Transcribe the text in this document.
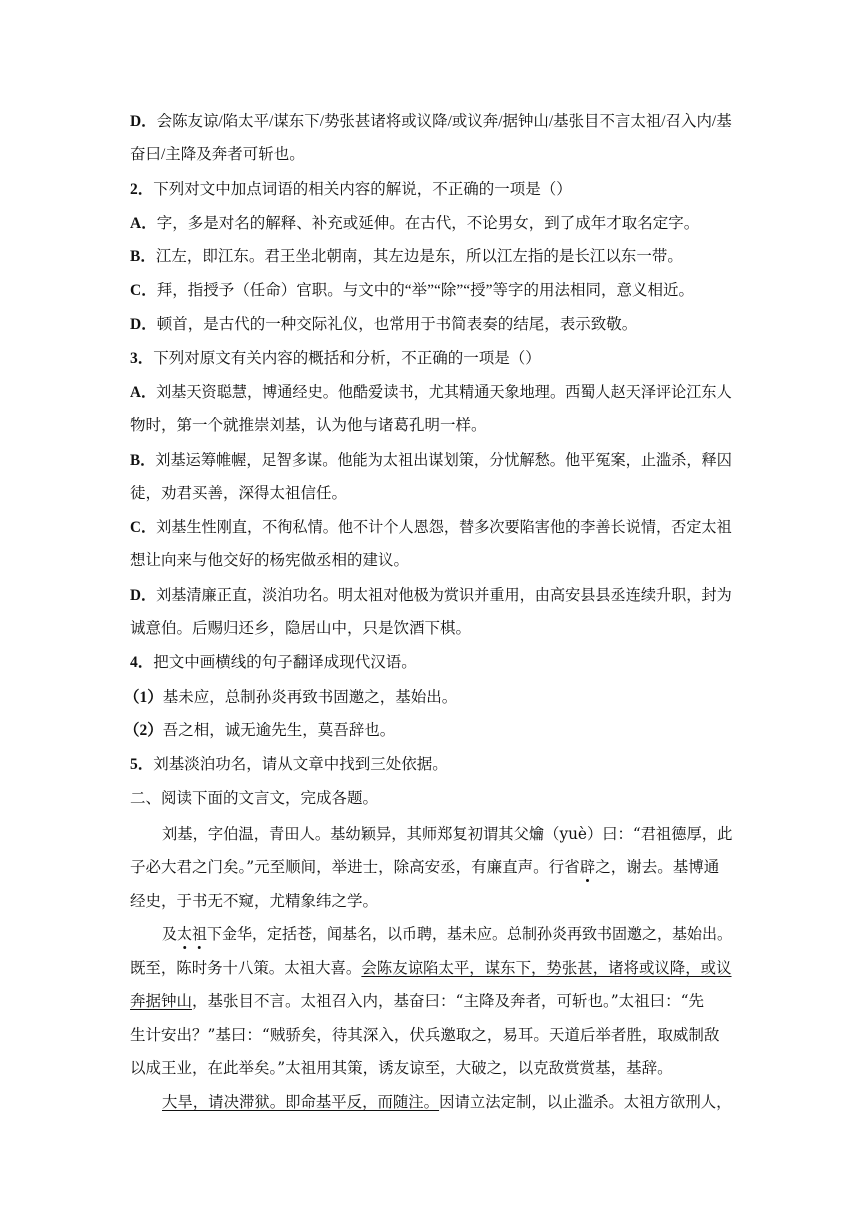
D．会陈友谅/陷太平/谋东下/势张甚诸将或议降/或议奔/据钟山/基张目不言太祖/召入内/基
奋曰/主降及奔者可斩也。
2．下列对文中加点词语的相关内容的解说，不正确的一项是（）
A．字，多是对名的解释、补充或延伸。在古代，不论男女，到了成年才取名定字。
B．江左，即江东。君王坐北朝南，其左边是东，所以江左指的是长江以东一带。
C．拜，指授予（任命）官职。与文中的“举”“除”“授”等字的用法相同，意义相近。
D．顿首，是古代的一种交际礼仪，也常用于书简表奏的结尾，表示致敬。
3．下列对原文有关内容的概括和分析，不正确的一项是（）
A．刘基天资聪慧，博通经史。他酷爱读书，尤其精通天象地理。西蜀人赵天泽评论江东人
物时，第一个就推崇刘基，认为他与诸葛孔明一样。
B．刘基运筹帷幄，足智多谋。他能为太祖出谋划策，分忧解愁。他平冤案，止滥杀，释囚
徒，劝君买善，深得太祖信任。
C．刘基生性刚直，不徇私情。他不计个人恩怨，替多次要陷害他的李善长说情，否定太祖
想让向来与他交好的杨宪做丞相的建议。
D．刘基清廉正直，淡泊功名。明太祖对他极为赏识并重用，由高安县县丞连续升职，封为
诚意伯。后赐归还乡，隐居山中，只是饮酒下棋。
4．把文中画横线的句子翻译成现代汉语。
（1）基未应，总制孙炎再致书固邀之，基始出。
（2）吾之相，诚无逾先生，莫吾辞也。
5．刘基淡泊功名，请从文章中找到三处依据。
二、阅读下面的文言文，完成各题。
刘基，字伯温，青田人。基幼颖异，其师郑复初谓其父爚（yuè）曰：“君祖德厚，此
子必大君之门矣。”元至顺间，举进士，除高安丞，有廉直声。行省辟之，谢去。基博通
经史，于书无不窥，尤精象纬之学。
及太祖下金华，定括苍，闻基名，以币聘，基未应。总制孙炎再致书固邀之，基始出。
既至，陈时务十八策。太祖大喜。会陈友谅陷太平，谋东下，势张甚，诸将或议降，或议
奔据钟山，基张目不言。太祖召入内，基奋曰：“主降及奔者，可斩也。”太祖曰：“先
生计安出？”基曰：“贼骄矣，待其深入，伏兵邀取之，易耳。天道后举者胜，取威制敌
以成王业，在此举矣。”太祖用其策，诱友谅至，大破之，以克敌赏赏基，基辞。
大旱，请决滞狱。即命基平反，而随注。因请立法定制，以止滥杀。太祖方欲刑人，
